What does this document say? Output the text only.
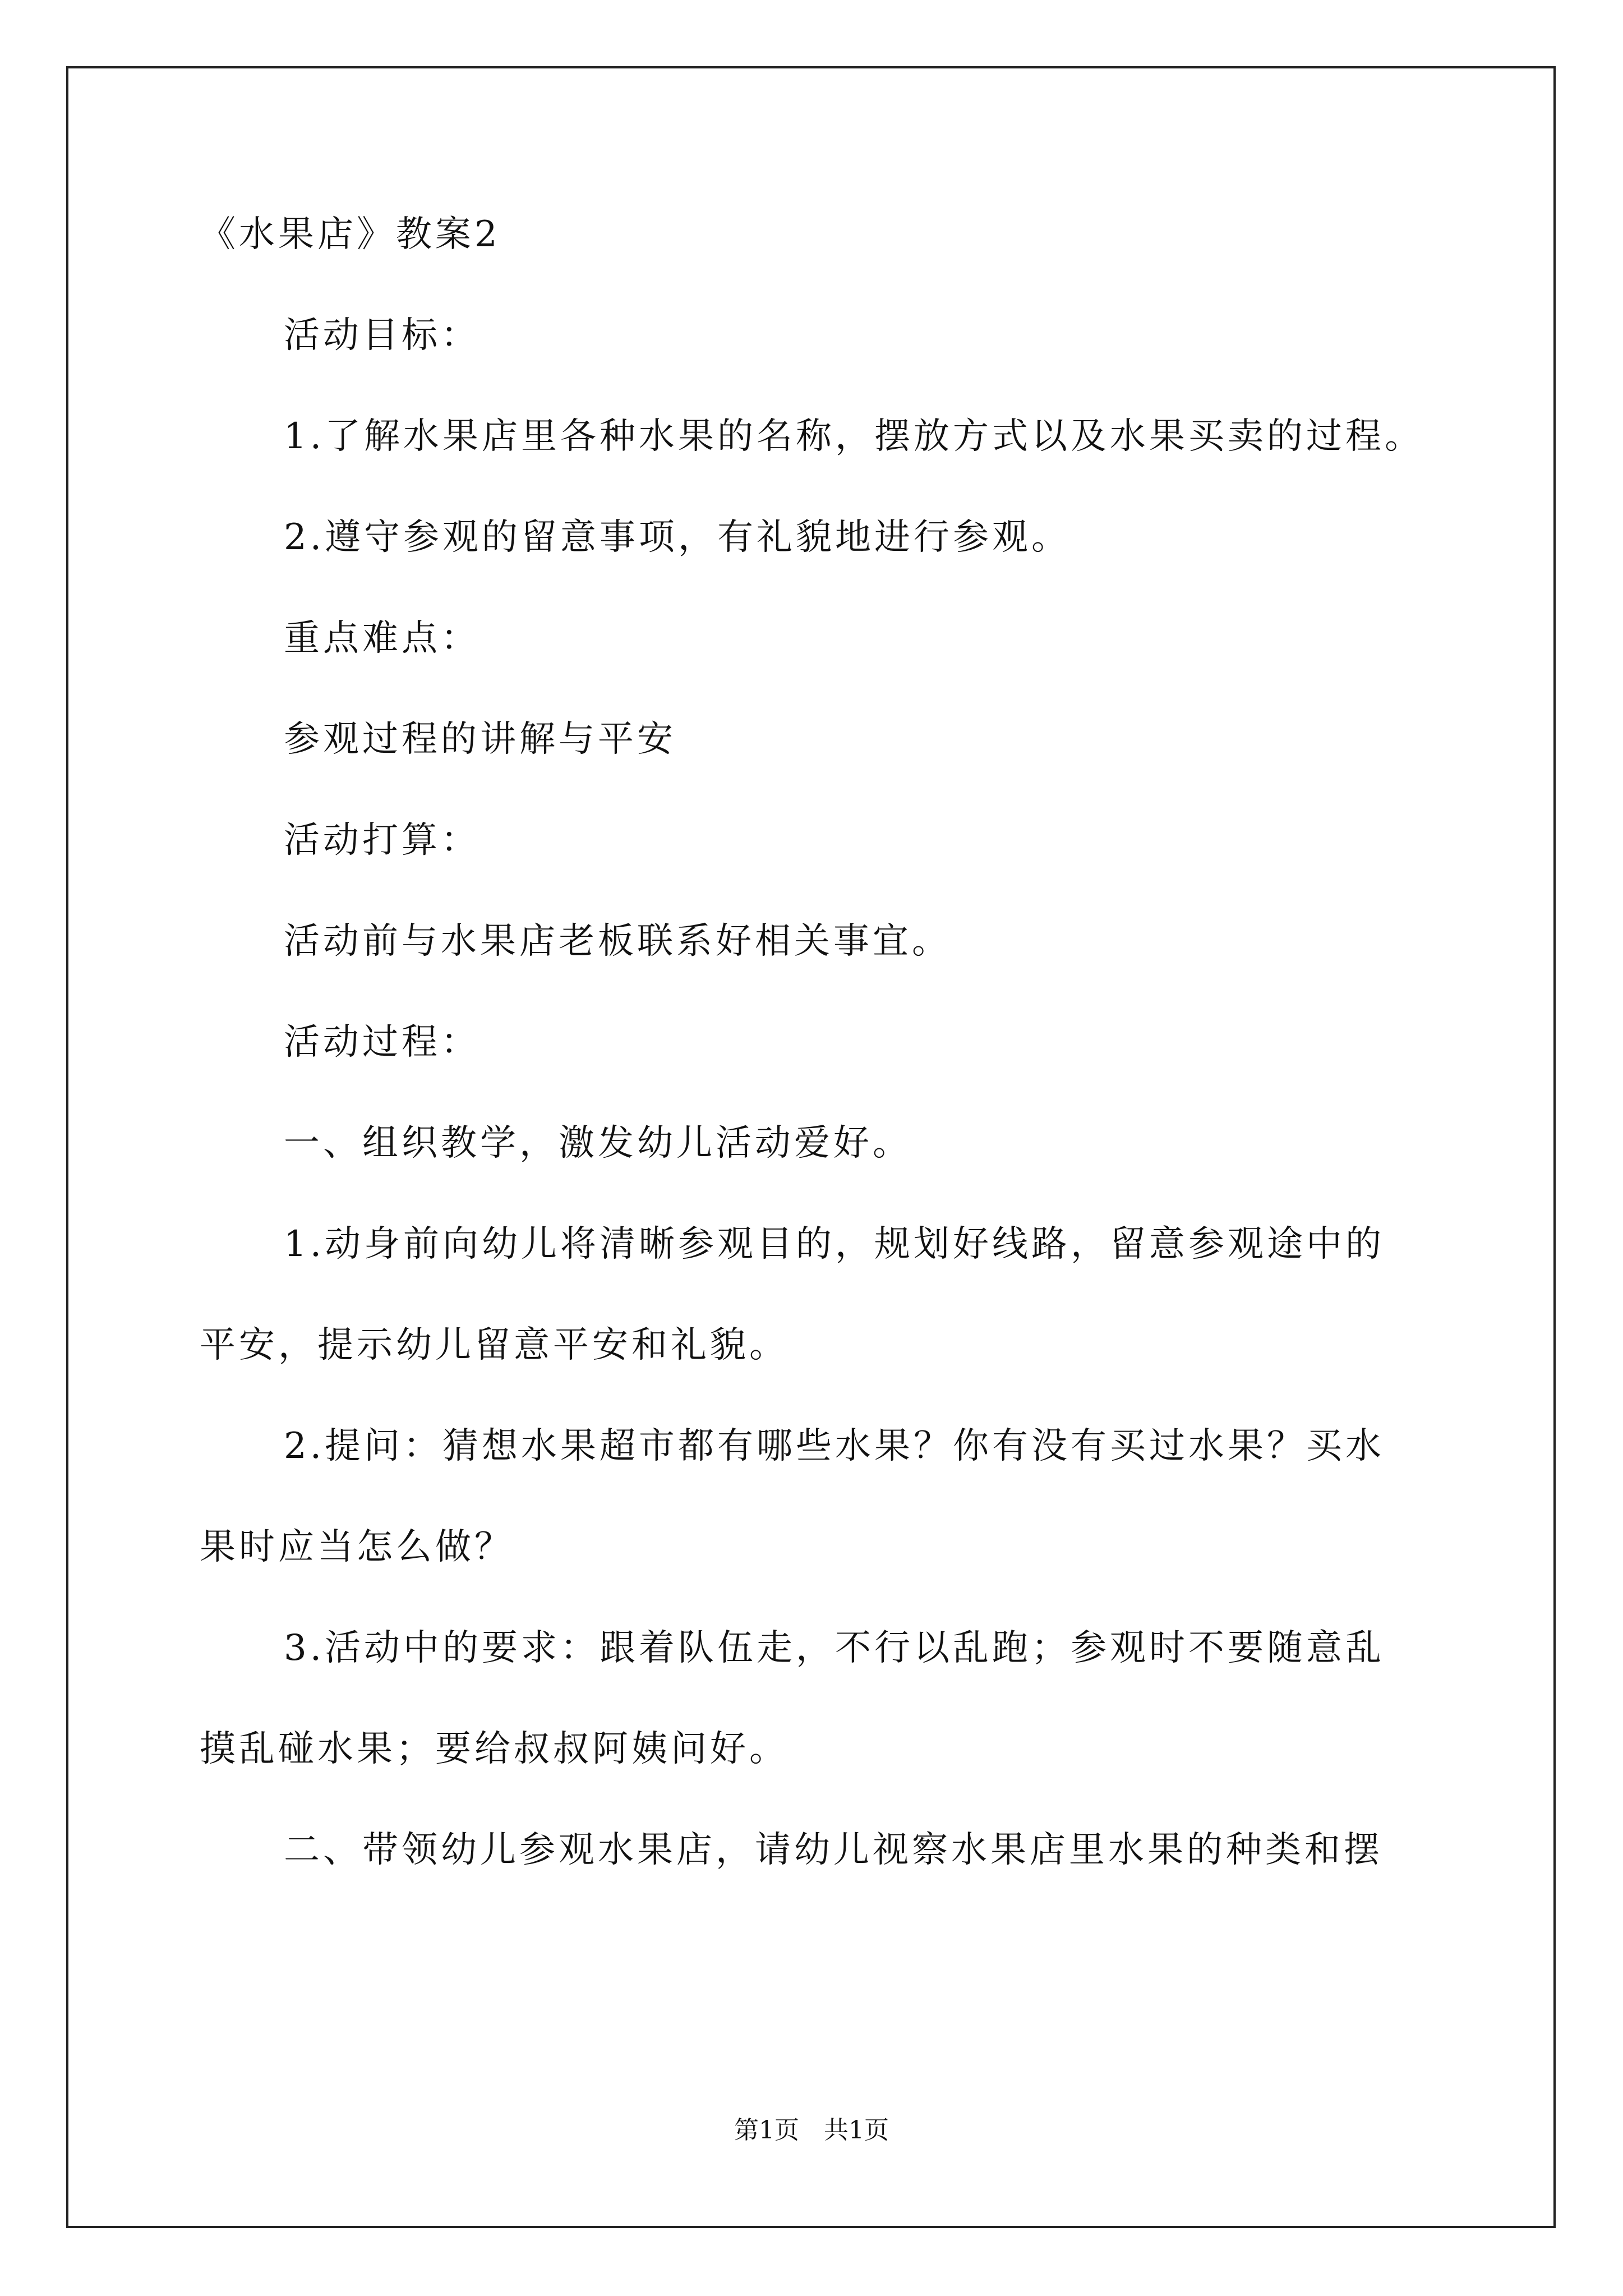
《水果店》教案2
活动目标：
1.了解水果店里各种水果的名称，摆放方式以及水果买卖的过程。
2.遵守参观的留意事项，有礼貌地进行参观。
重点难点：
参观过程的讲解与平安
活动打算：
活动前与水果店老板联系好相关事宜。
活动过程：
一、组织教学，激发幼儿活动爱好。
1.动身前向幼儿将清晰参观目的，规划好线路，留意参观途中的
平安，提示幼儿留意平安和礼貌。
2.提问：猜想水果超市都有哪些水果？你有没有买过水果？买水
果时应当怎么做？
3.活动中的要求：跟着队伍走，不行以乱跑；参观时不要随意乱
摸乱碰水果；要给叔叔阿姨问好。
二、带领幼儿参观水果店，请幼儿视察水果店里水果的种类和摆
第1页　共1页
